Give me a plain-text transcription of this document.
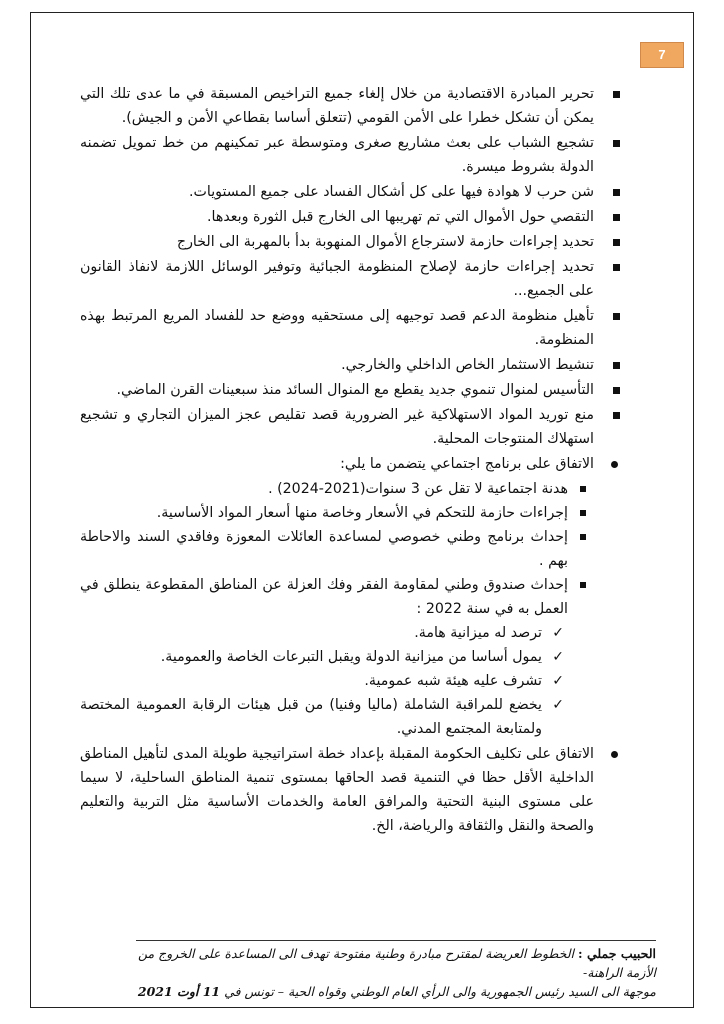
7
تحرير المبادرة الاقتصادية من خلال إلغاء جميع التراخيص المسبقة في ما عدى تلك التي يمكن أن تشكل خطرا على الأمن القومي (تتعلق أساسا بقطاعي الأمن و الجيش).
تشجيع الشباب على بعث مشاريع صغرى ومتوسطة عبر تمكينهم من خط تمويل تضمنه الدولة بشروط ميسرة.
شن حرب لا هوادة فيها على كل أشكال الفساد على جميع المستويات.
التقصي حول الأموال التي تم تهريبها الى الخارج قبل الثورة وبعدها.
تحديد إجراءات حازمة لاسترجاع الأموال المنهوبة بدأ بالمهربة الى الخارج
تحديد إجراءات حازمة لإصلاح المنظومة الجبائية وتوفير الوسائل اللازمة لانفاذ القانون على الجميع...
تأهيل منظومة الدعم قصد توجيهه إلى مستحقيه ووضع حد للفساد المريع المرتبط بهذه المنظومة.
تنشيط الاستثمار الخاص الداخلي والخارجي.
التأسيس لمنوال تنموي جديد يقطع مع المنوال السائد منذ سبعينات القرن الماضي.
منع توريد المواد الاستهلاكية غير الضرورية قصد تقليص عجز الميزان التجاري و تشجيع استهلاك المنتوجات المحلية.
الاتفاق على برنامج اجتماعي يتضمن ما يلي:
هدنة اجتماعية لا تقل عن 3 سنوات(2021-2024) .
إجراءات حازمة للتحكم في الأسعار وخاصة منها أسعار المواد الأساسية.
إحداث برنامج وطني خصوصي لمساعدة العائلات المعوزة وفاقدي السند والاحاطة بهم .
إحداث صندوق وطني لمقاومة الفقر وفك العزلة عن المناطق المقطوعة ينطلق في العمل به في سنة 2022 :
✓
ترصد له ميزانية هامة.
✓
يمول أساسا من ميزانية الدولة ويقبل التبرعات الخاصة والعمومية.
✓
تشرف عليه هيئة شبه عمومية.
✓
يخضع للمراقبة الشاملة (ماليا وفنيا) من قبل هيئات الرقابة العمومية المختصة ولمتابعة المجتمع المدني.
الاتفاق على تكليف الحكومة المقبلة بإعداد خطة استراتيجية طويلة المدى لتأهيل المناطق الداخلية الأقل حظا في التنمية قصد الحاقها بمستوى تنمية المناطق الساحلية، لا سيما على مستوى البنية التحتية والمرافق العامة والخدمات الأساسية مثل التربية والتعليم والصحة والنقل والثقافة والرياضة، الخ.
الحبيب جملي : الخطوط العريضة لمقترح مبادرة وطنية مفتوحة تهدف الى المساعدة على الخروج من الأزمة الراهنة-
موجهة الى السيد رئيس الجمهورية والى الرأي العام الوطني وقواه الحية – تونس في 11 أوت 2021
